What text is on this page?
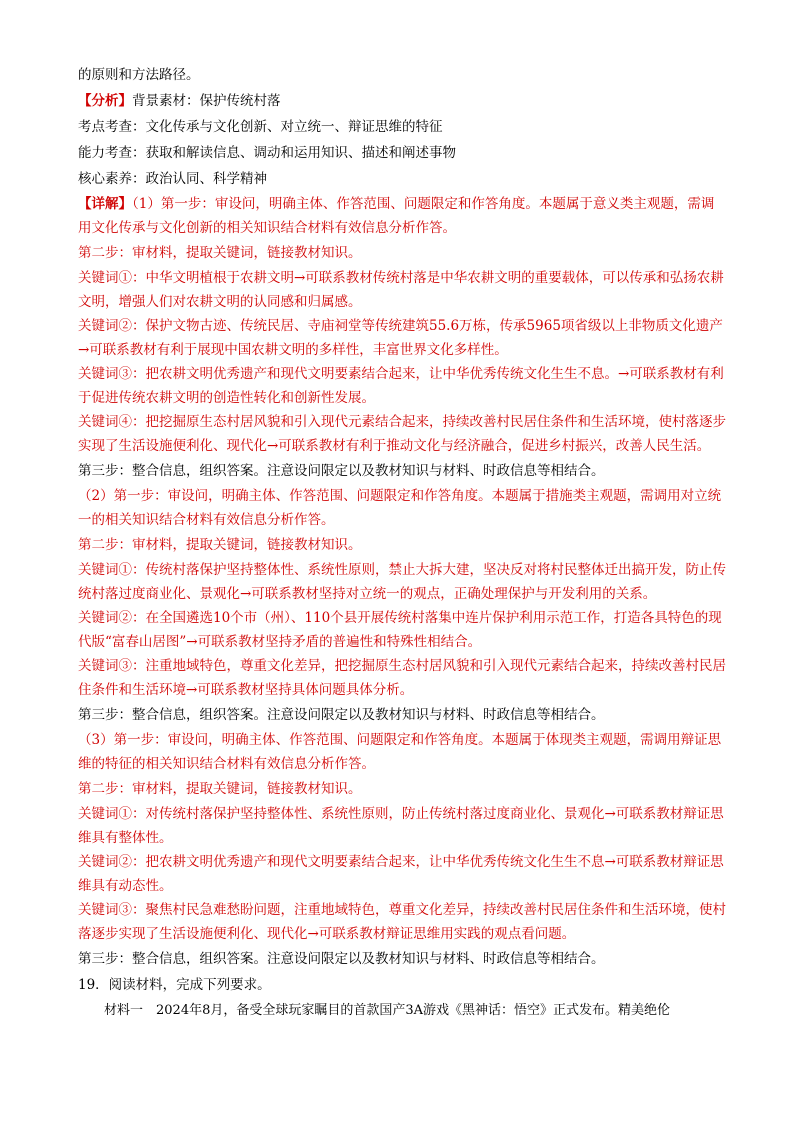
的原则和方法路径。
【分析】背景素材：保护传统村落
考点考查：文化传承与文化创新、对立统一、辩证思维的特征
能力考查：获取和解读信息、调动和运用知识、描述和阐述事物
核心素养：政治认同、科学精神
【详解】（1）第一步：审设问，明确主体、作答范围、问题限定和作答角度。本题属于意义类主观题，需调用文化传承与文化创新的相关知识结合材料有效信息分析作答。
第二步：审材料，提取关键词，链接教材知识。
关键词①：中华文明植根于农耕文明→可联系教材传统村落是中华农耕文明的重要载体，可以传承和弘扬农耕文明，增强人们对农耕文明的认同感和归属感。
关键词②：保护文物古迹、传统民居、寺庙祠堂等传统建筑55.6万栋，传承5965项省级以上非物质文化遗产→可联系教材有利于展现中国农耕文明的多样性，丰富世界文化多样性。
关键词③：把农耕文明优秀遗产和现代文明要素结合起来，让中华优秀传统文化生生不息。→可联系教材有利于促进传统农耕文明的创造性转化和创新性发展。
关键词④：把挖掘原生态村居风貌和引入现代元素结合起来，持续改善村民居住条件和生活环境，使村落逐步实现了生活设施便利化、现代化→可联系教材有利于推动文化与经济融合，促进乡村振兴，改善人民生活。
第三步：整合信息，组织答案。注意设问限定以及教材知识与材料、时政信息等相结合。
（2）第一步：审设问，明确主体、作答范围、问题限定和作答角度。本题属于措施类主观题，需调用对立统一的相关知识结合材料有效信息分析作答。
第二步：审材料，提取关键词，链接教材知识。
关键词①：传统村落保护坚持整体性、系统性原则，禁止大拆大建，坚决反对将村民整体迁出搞开发，防止传统村落过度商业化、景观化→可联系教材坚持对立统一的观点，正确处理保护与开发利用的关系。
关键词②：在全国遴选10个市（州）、110个县开展传统村落集中连片保护利用示范工作，打造各具特色的现代版“富春山居图”→可联系教材坚持矛盾的普遍性和特殊性相结合。
关键词③：注重地域特色，尊重文化差异，把挖掘原生态村居风貌和引入现代元素结合起来，持续改善村民居住条件和生活环境→可联系教材坚持具体问题具体分析。
第三步：整合信息，组织答案。注意设问限定以及教材知识与材料、时政信息等相结合。
（3）第一步：审设问，明确主体、作答范围、问题限定和作答角度。本题属于体现类主观题，需调用辩证思维的特征的相关知识结合材料有效信息分析作答。
第二步：审材料，提取关键词，链接教材知识。
关键词①：对传统村落保护坚持整体性、系统性原则，防止传统村落过度商业化、景观化→可联系教材辩证思维具有整体性。
关键词②：把农耕文明优秀遗产和现代文明要素结合起来，让中华优秀传统文化生生不息→可联系教材辩证思维具有动态性。
关键词③：聚焦村民急难愁盼问题，注重地域特色，尊重文化差异，持续改善村民居住条件和生活环境，使村落逐步实现了生活设施便利化、现代化→可联系教材辩证思维用实践的观点看问题。
第三步：整合信息，组织答案。注意设问限定以及教材知识与材料、时政信息等相结合。
19．阅读材料，完成下列要求。
材料一　2024年8月，备受全球玩家瞩目的首款国产3A游戏《黑神话：悟空》正式发布。精美绝伦
